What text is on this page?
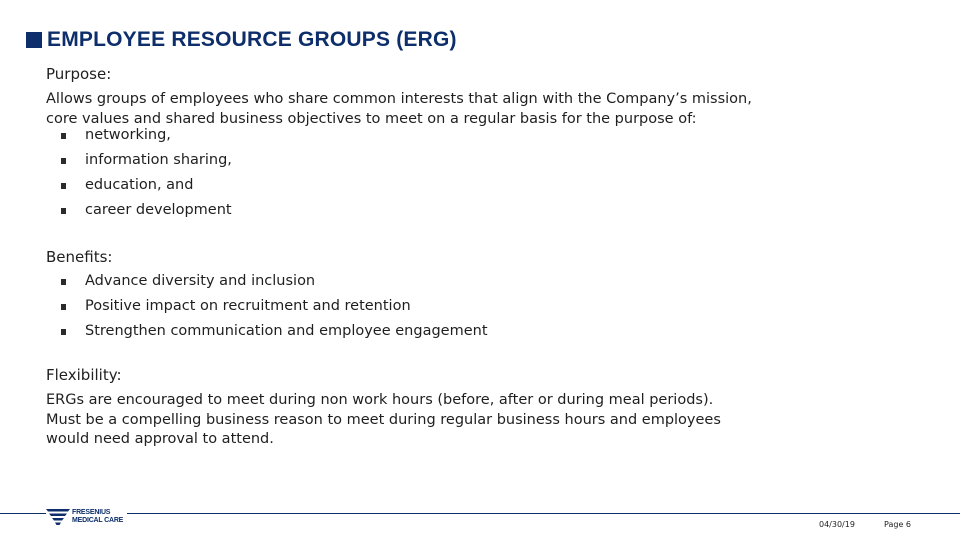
EMPLOYEE RESOURCE GROUPS (ERG)
Purpose:
Allows groups of employees who share common interests that align with the Company’s mission,
core values and shared business objectives to meet on a regular basis for the purpose of:
networking,
information sharing,
education, and
career development
Benefits:
Advance diversity and inclusion
Positive impact on recruitment and retention
Strengthen communication and employee engagement
Flexibility:
ERGs are encouraged to meet during non work hours (before, after or during meal periods).
Must be a compelling business reason to meet during regular business hours and employees
would need approval to attend.
FRESENIUS
MEDICAL CARE	04/30/19	Page 6
